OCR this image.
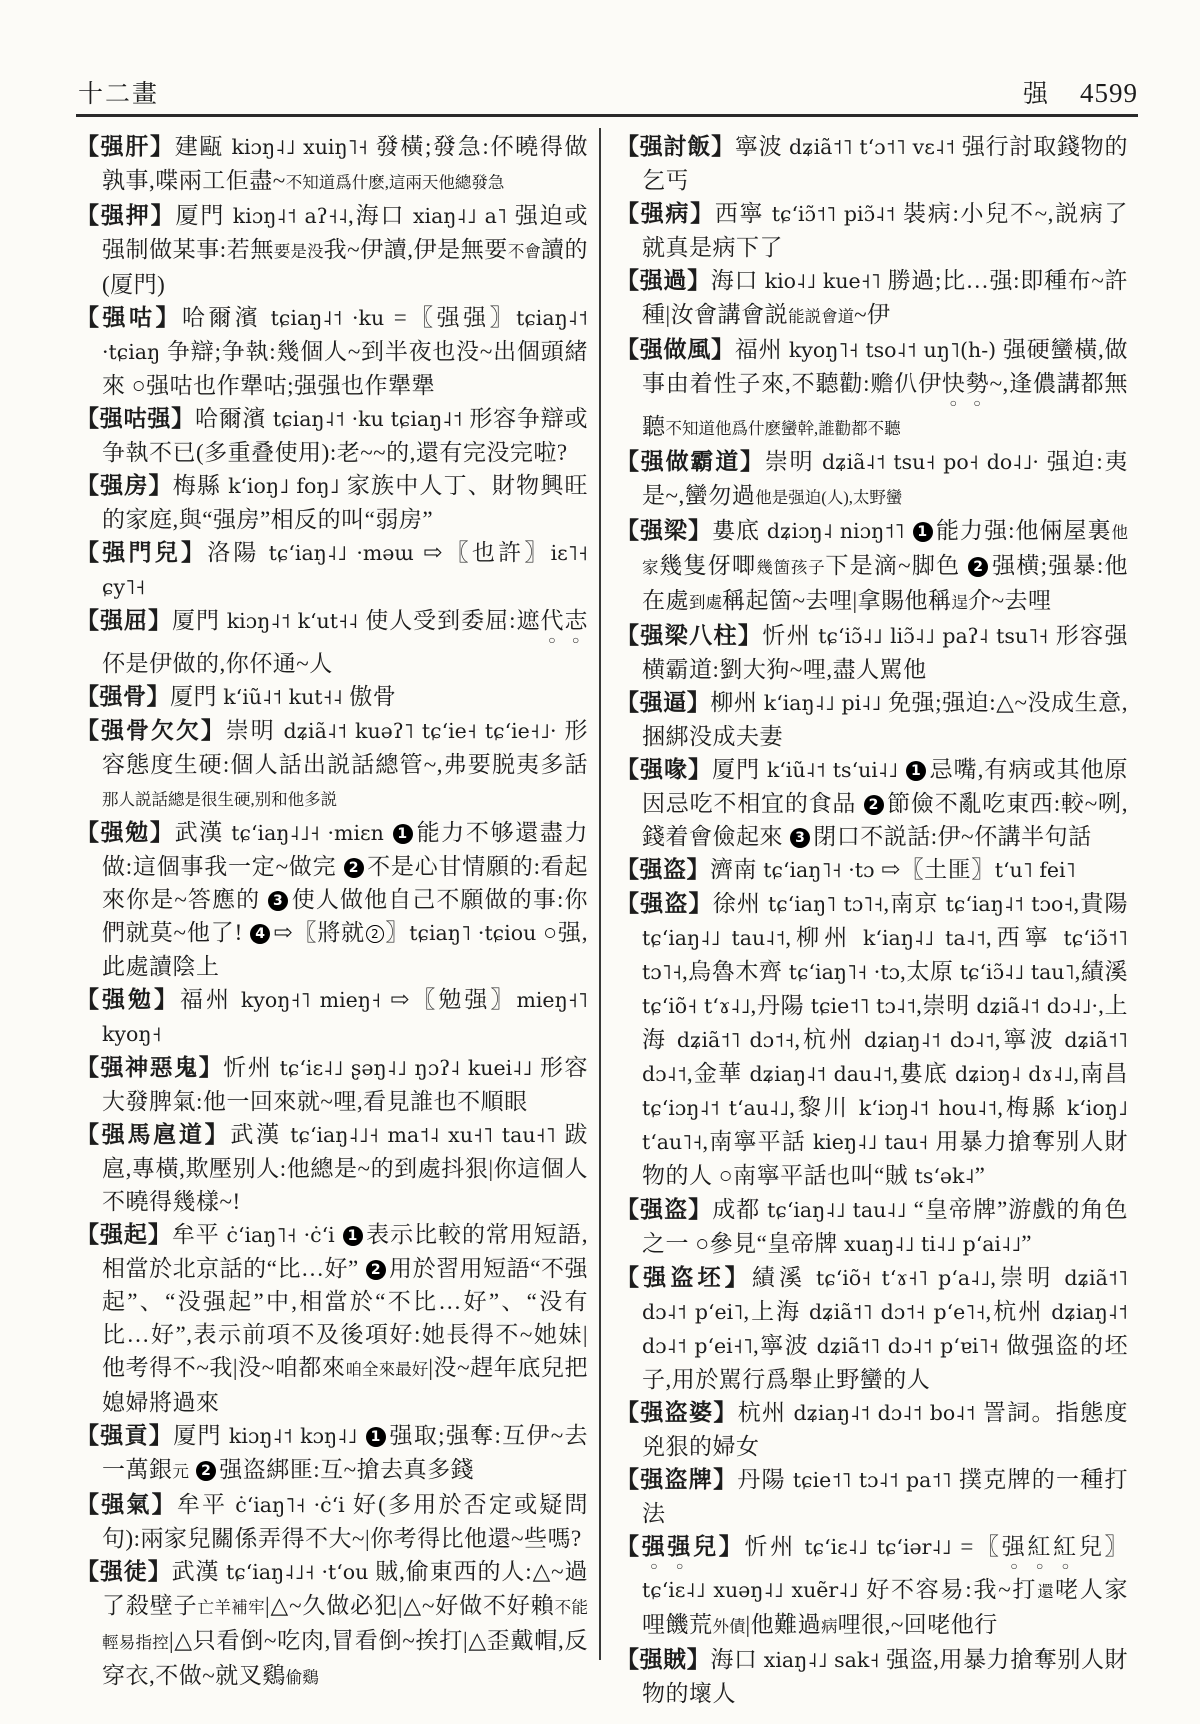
十二畫	强 4599
【强肝】建甌 kiɔŋ˨˩ xuiŋ˥˧ 發橫;發急:伓曉得做孰事,喋兩工佢盡~不知道爲什麽,這兩天他總發急
【强押】厦門 kiɔŋ˨˦ aʔ˧˨,海口 xiaŋ˨˩ a˥ 强迫或强制做某事:若無要是没我~伊讀,伊是無要不會讀的(厦門)
【强咕】哈爾濱 tɕiaŋ˨˦ ·ku =〖强强〗tɕiaŋ˨˦ ·tɕiaŋ 争辯;争執:幾個人~到半夜也没~出個頭緒來 ○强咕也作犟咕;强强也作犟犟
【强咕强】哈爾濱 tɕiaŋ˨˦ ·ku tɕiaŋ˨˦ 形容争辯或争執不已(多重叠使用):老~~的,還有完没完啦?
【强房】梅縣 kʻioŋ˩ foŋ˩ 家族中人丁、財物興旺的家庭,與“强房”相反的叫“弱房”
【强門兒】洛陽 tɕʻiaŋ˨˩ ·məɯ ⇨〖也許〗iɛ˥˧ ɕy˥˧
【强屈】厦門 kiɔŋ˨˦ kʻut˧˨ 使人受到委屈:遮代志伓是伊做的,你伓通~人
【强骨】厦門 kʻiũ˨˦ kut˧˨ 傲骨
【强骨欠欠】崇明 dʑiã˨˦ kuəʔ˥ tɕʻie˧ tɕʻie˧˩· 形容態度生硬:個人話出説話總管~,弗要脱夷多話那人説話總是很生硬,别和他多説
【强勉】武漢 tɕʻiaŋ˨˩˧ ·miɛn 1 能力不够還盡力做:這個事我一定~做完 2 不是心甘情願的:看起來你是~答應的 3 使人做他自己不願做的事:你們就莫~他了! 4 ⇨〖將就 2 〗tɕiaŋ˥ ·tɕiou ○强,此處讀陰上
【强勉】福州 kyoŋ˧˥ mieŋ˧ ⇨〖勉强〗mieŋ˧˥ kyoŋ˧
【强神惡鬼】忻州 tɕʻiɛ˨˩ ʂəŋ˨˩ ŋɔʔ˨ kuei˨˩ 形容大發脾氣:他一回來就~哩,看見誰也不順眼
【强馬扈道】武漢 tɕʻiaŋ˨˩˧ ma˦˨ xu˧˥ tau˧˥ 跋扈,專橫,欺壓别人:他總是~的到處抖狠|你這個人不曉得幾樣~!
【强起】牟平 ċʻiaŋ˥˧ ·ċʻi 1 表示比較的常用短語,相當於北京話的“比…好” 2 用於習用短語“不强起”、“没强起”中,相當於“不比…好”、“没有比…好”,表示前項不及後項好:她長得不~她妹|他考得不~我|没~咱都來咱全來最好|没~趕年底兒把媳婦將過來
【强貢】厦門 kiɔŋ˨˦ kɔŋ˨˩ 1 强取;强奪:互伊~去一萬銀元 2 强盗綁匪:互~搶去真多錢
【强氣】牟平 ċʻiaŋ˥˧ ·ċʻi 好(多用於否定或疑問句):兩家兒關係弄得不大~|你考得比他還~些嗎?
【强徒】武漢 tɕʻiaŋ˨˩˧ ·tʻou 賊,偷東西的人:△~過了殺壁子亡羊補牢|△~久做必犯|△~好做不好賴不能輕易指控|△只看倒~吃肉,冒看倒~挨打|△歪戴帽,反穿衣,不做~就叉鷄偷鷄
【强討飯】寧波 dʑiã˦˥ tʻɔ˦˥ vɛ˨˦ 强行討取錢物的乞丐
【强病】西寧 tɕʻiɔ̃˦˥ piɔ̃˨˦ 裝病:小兒不~,説病了就真是病下了
【强過】海口 kio˨˩ kue˧˥ 勝過;比…强:即種布~許種|汝會講會説能説會道~伊
【强做風】福州 kyoŋ˥˧ tso˨˦ uŋ˥(h-) 强硬蠻橫,做事由着性子來,不聽勸:赡仈伊快勢~,逢儂講都無聽不知道他爲什麽蠻幹,誰勸都不聽
【强做霸道】崇明 dʑiã˨˦ tsu˧ po˧ do˨˩· 强迫:夷是~,蠻勿過他是强迫(人),太野蠻
【强梁】婁底 dʑiɔŋ˨ niɔŋ˦˥ 1 能力强:他倆屋裏他家幾隻伢唧幾箇孩子下是滴~脚色 2 强横;强暴:他在處到處稱起箇~去哩|拿賜他稱逞介~去哩
【强梁八柱】忻州 tɕʻiɔ̃˨˩ liɔ̃˨˩ paʔ˨ tsu˥˧ 形容强横霸道:劉大狗~哩,盡人駡他
【强逼】柳州 kʻiaŋ˨˩ pi˨˩ 免强;强迫:△~没成生意,捆綁没成夫妻
【强喙】厦門 kʻiũ˨˦ tsʻui˨˩ 1 忌嘴,有病或其他原因忌吃不相宜的食品 2 節儉不亂吃東西:較~咧,錢着會儉起來 3 閉口不説話:伊~伓講半句話
【强盗】濟南 tɕʻiaŋ˥˧ ·tɔ ⇨〖土匪〗tʻu˥ fei˥
【强盗】徐州 tɕʻiaŋ˥ tɔ˥˧,南京 tɕʻiaŋ˨˦ tɔo˧,貴陽 tɕʻiaŋ˨˩ tau˨˦,柳州 kʻiaŋ˨˩ ta˨˦,西寧 tɕʻiɔ̃˦˥ tɔ˥˧,烏魯木齊 tɕʻiaŋ˥˧ ·tɔ,太原 tɕʻiɔ̃˨˩ tau˥,績溪 tɕʻiõ˧ tʻɤ˨˩,丹陽 tɕie˦˥ tɔ˨˦,崇明 dʑiã˨˦ dɔ˨˩·,上海 dʑiã˦˥ dɔ˦˧,杭州 dʑiaŋ˨˦ dɔ˨˦,寧波 dʑiã˦˥ dɔ˨˦,金華 dʑiaŋ˨˦ dau˨˦,婁底 dʑiɔŋ˨ dɤ˨˩,南昌 tɕʻiɔŋ˨˦ tʻau˨˩,黎川 kʻiɔŋ˨˦ hou˨˦,梅縣 kʻioŋ˩ tʻau˥˧,南寧平話 kieŋ˨˩ tau˧ 用暴力搶奪别人財物的人 ○南寧平話也叫“賊 tsʻək˨”
【强盗】成都 tɕʻiaŋ˨˩ tau˨˩ “皇帝牌”游戲的角色之一 ○參見“皇帝牌 xuaŋ˨˩ ti˨˩ pʻai˨˩”
【强盗坯】績溪 tɕʻiõ˧ tʻɤ˧˥ pʻa˨˩,崇明 dʑiã˦˥ dɔ˨˦ pʻei˥,上海 dʑiã˦˥ dɔ˦˧ pʻe˥˧,杭州 dʑiaŋ˨˦ dɔ˨˦ pʻei˧˥,寧波 dʑiã˦˥ dɔ˨˦ pʻɐi˥˧ 做强盗的坯子,用於駡行爲舉止野蠻的人
【强盗婆】杭州 dʑiaŋ˨˦ dɔ˨˦ bo˨˦ 詈詞。指態度兇狠的婦女
【强盗牌】丹陽 tɕie˦˥ tɔ˨˦ pa˦˥ 撲克牌的一種打法
【强强兒】忻州 tɕʻiɛ˨˩ tɕʻiər˨˩ =〖强紅紅兒〗tɕʻiɛ˨˩ xuəŋ˨˩ xuẽr˨˩ 好不容易:我~打還咾人家哩饑荒外債|他難過病哩很,~回咾他行
【强賊】海口 xiaŋ˨˩ sak˧ 强盗,用暴力搶奪别人財物的壞人
